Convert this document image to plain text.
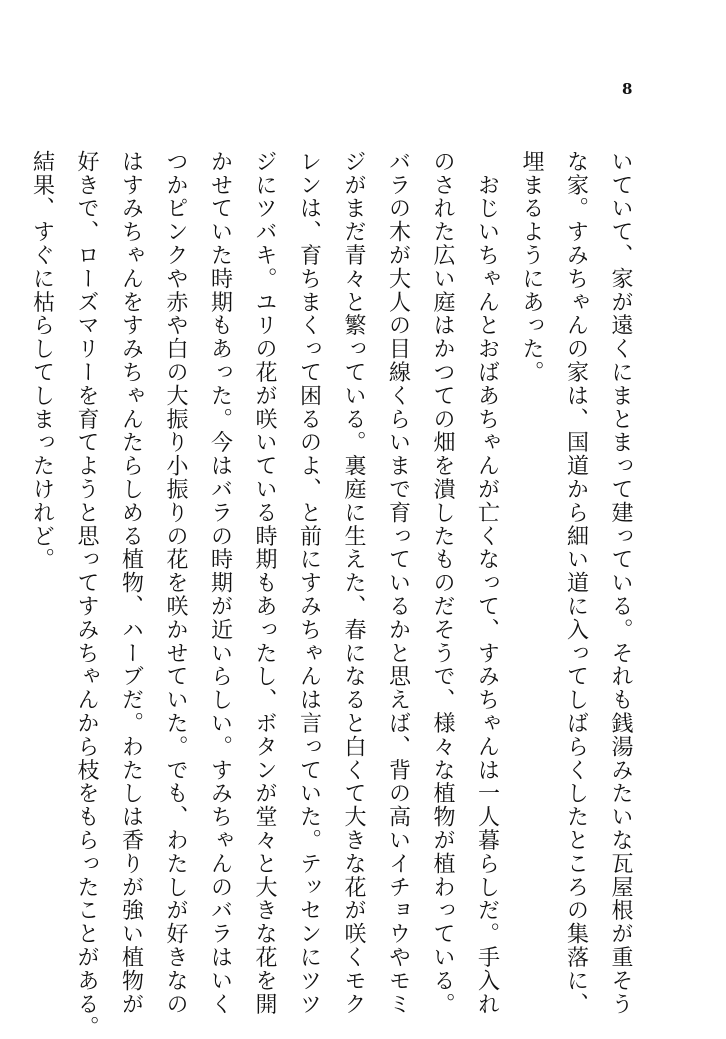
8
いていて、家が遠くにまとまって建っている。それも銭湯みたいな瓦屋根が重そう
な家。すみちゃんの家は、国道から細い道に入ってしばらくしたところの集落に、
埋まるようにあった。
　おじいちゃんとおばあちゃんが亡くなって、すみちゃんは一人暮らしだ。手入れ
のされた広い庭はかつての畑を潰したものだそうで、様々な植物が植わっている。
バラの木が大人の目線くらいまで育っているかと思えば、背の高いイチョウやモミ
ジがまだ青々と繁っている。裏庭に生えた、春になると白くて大きな花が咲くモク
レンは、育ちまくって困るのよ、と前にすみちゃんは言っていた。テッセンにツツ
ジにツバキ。ユリの花が咲いている時期もあったし、ボタンが堂々と大きな花を開
かせていた時期もあった。今はバラの時期が近いらしい。すみちゃんのバラはいく
つかピンクや赤や白の大振り小振りの花を咲かせていた。でも、わたしが好きなの
はすみちゃんをすみちゃんたらしめる植物、ハーブだ。わたしは香りが強い植物が
好きで、ローズマリーを育てようと思ってすみちゃんから枝をもらったことがある。
結果、すぐに枯らしてしまったけれど。
